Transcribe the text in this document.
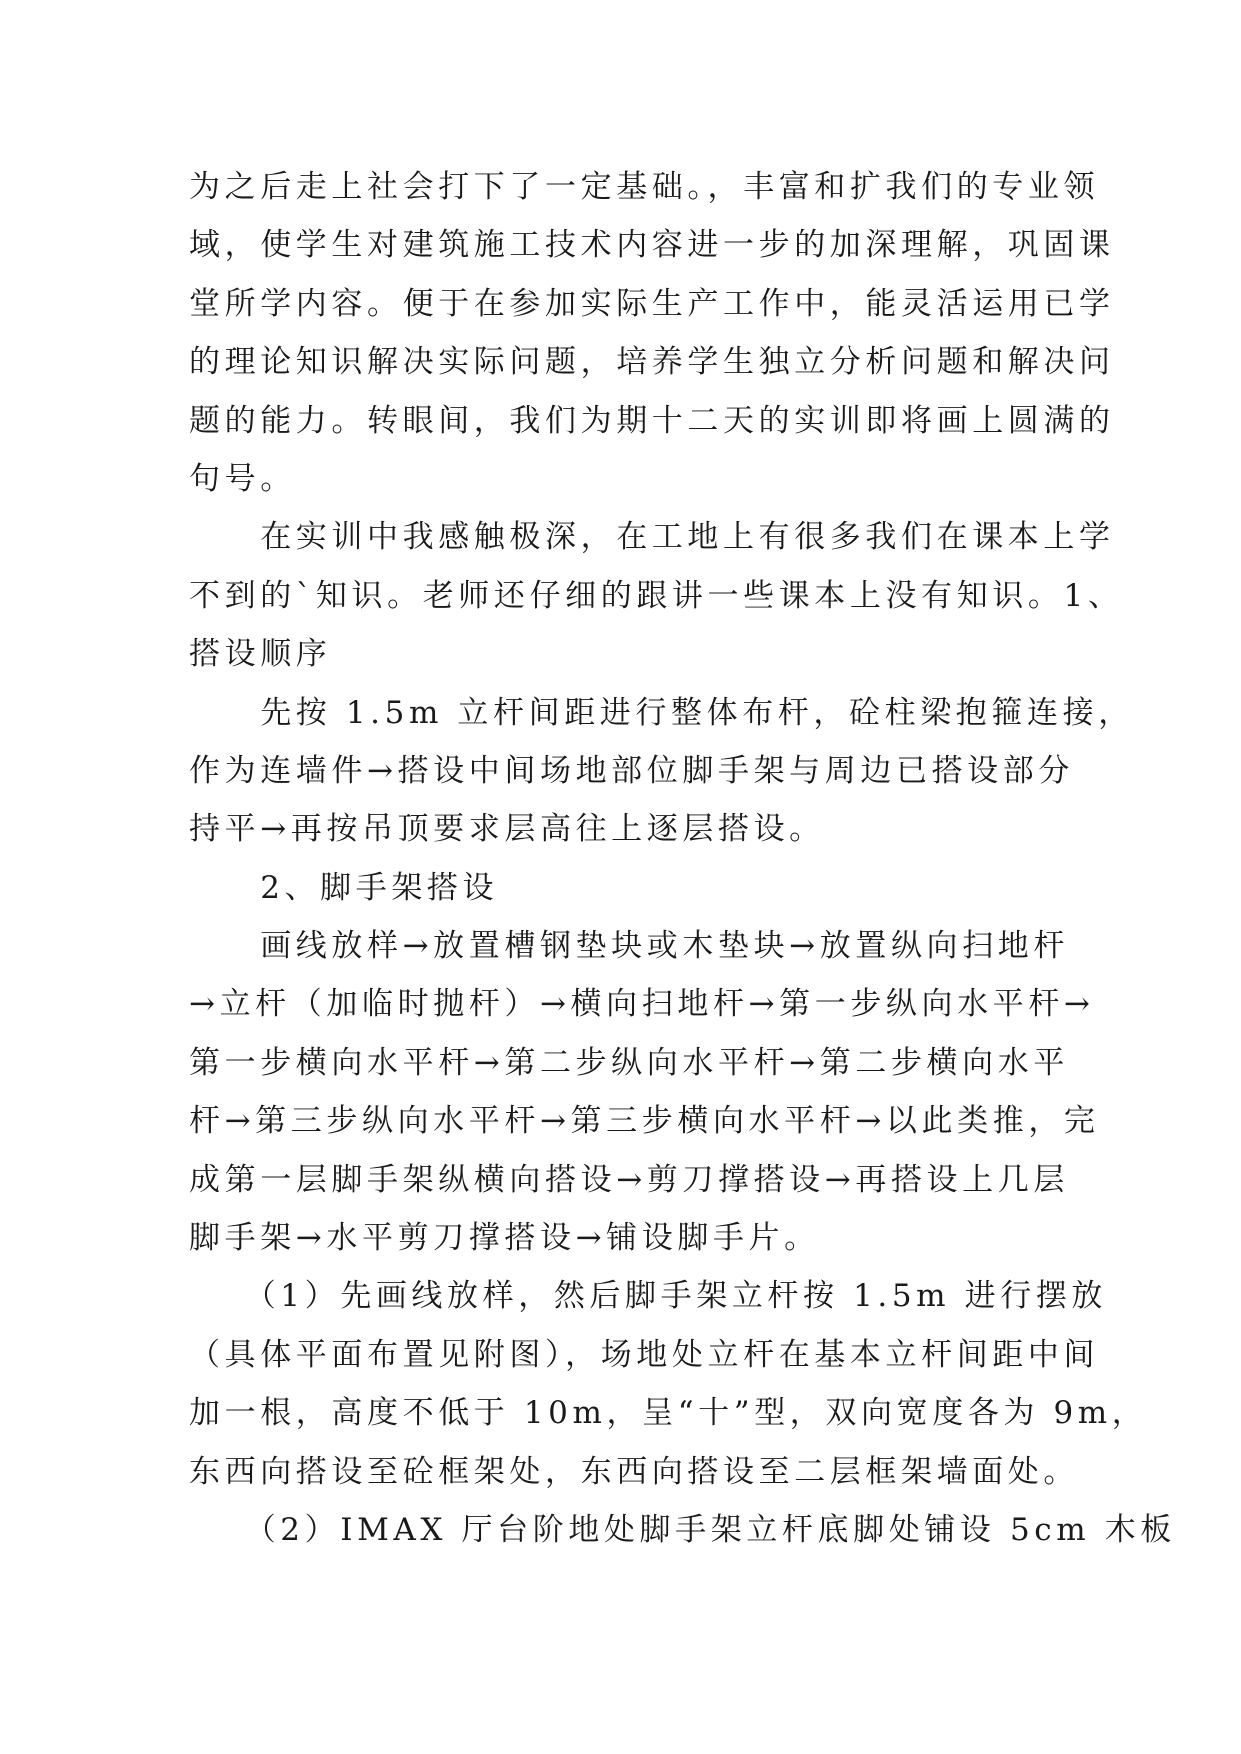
为之后走上社会打下了一定基础。，丰富和扩我们的专业领
域，使学生对建筑施工技术内容进一步的加深理解，巩固课
堂所学内容。便于在参加实际生产工作中，能灵活运用已学
的理论知识解决实际问题，培养学生独立分析问题和解决问
题的能力。转眼间，我们为期十二天的实训即将画上圆满的
句号。
　　在实训中我感触极深，在工地上有很多我们在课本上学
不到的`知识。老师还仔细的跟讲一些课本上没有知识。1、
搭设顺序
　　先按 1.5m 立杆间距进行整体布杆，砼柱梁抱箍连接，
作为连墙件→搭设中间场地部位脚手架与周边已搭设部分
持平→再按吊顶要求层高往上逐层搭设。
　　2、脚手架搭设
　　画线放样→放置槽钢垫块或木垫块→放置纵向扫地杆
→立杆（加临时抛杆）→横向扫地杆→第一步纵向水平杆→
第一步横向水平杆→第二步纵向水平杆→第二步横向水平
杆→第三步纵向水平杆→第三步横向水平杆→以此类推，完
成第一层脚手架纵横向搭设→剪刀撑搭设→再搭设上几层
脚手架→水平剪刀撑搭设→铺设脚手片。
　　（1）先画线放样，然后脚手架立杆按 1.5m 进行摆放
（具体平面布置见附图），场地处立杆在基本立杆间距中间
加一根，高度不低于 10m，呈“十”型，双向宽度各为 9m，
东西向搭设至砼框架处，东西向搭设至二层框架墙面处。
　　（2）IMAX 厅台阶地处脚手架立杆底脚处铺设 5cm 木板
